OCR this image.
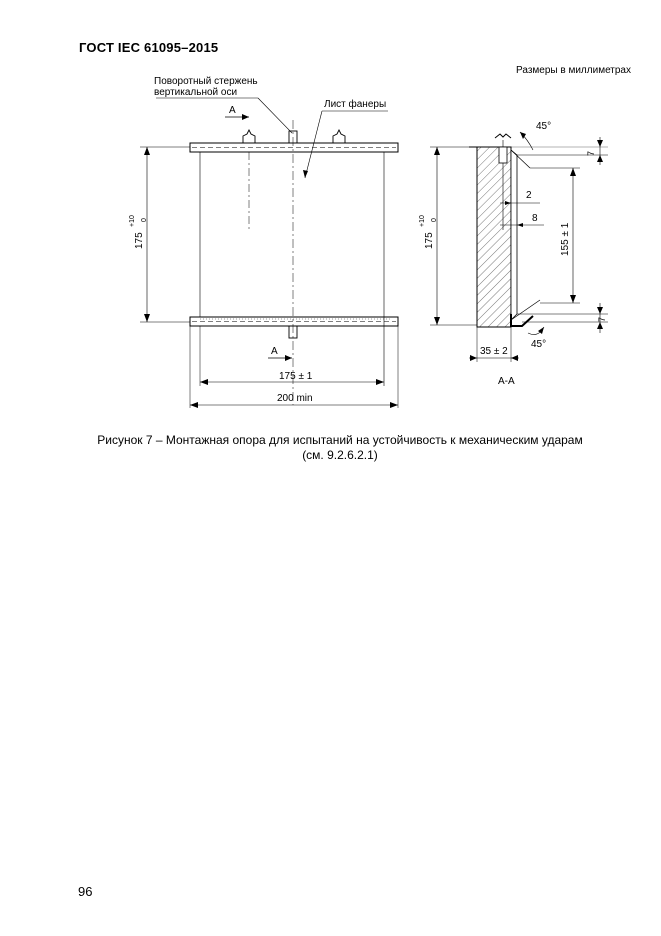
ГОСТ IEC 61095–2015
Размеры в миллиметрах
A
A
Поворотный стержень
вертикальной оси
Лист фанеры
175
+10 0
175 ± 1
200 min
45°
2
8
175
+10 0
155 ± 1
7
7
45°
35 ± 2
A-A
Рисунок 7 – Монтажная опора для испытаний на устойчивость к механическим ударам
(см. 9.2.6.2.1)
96
